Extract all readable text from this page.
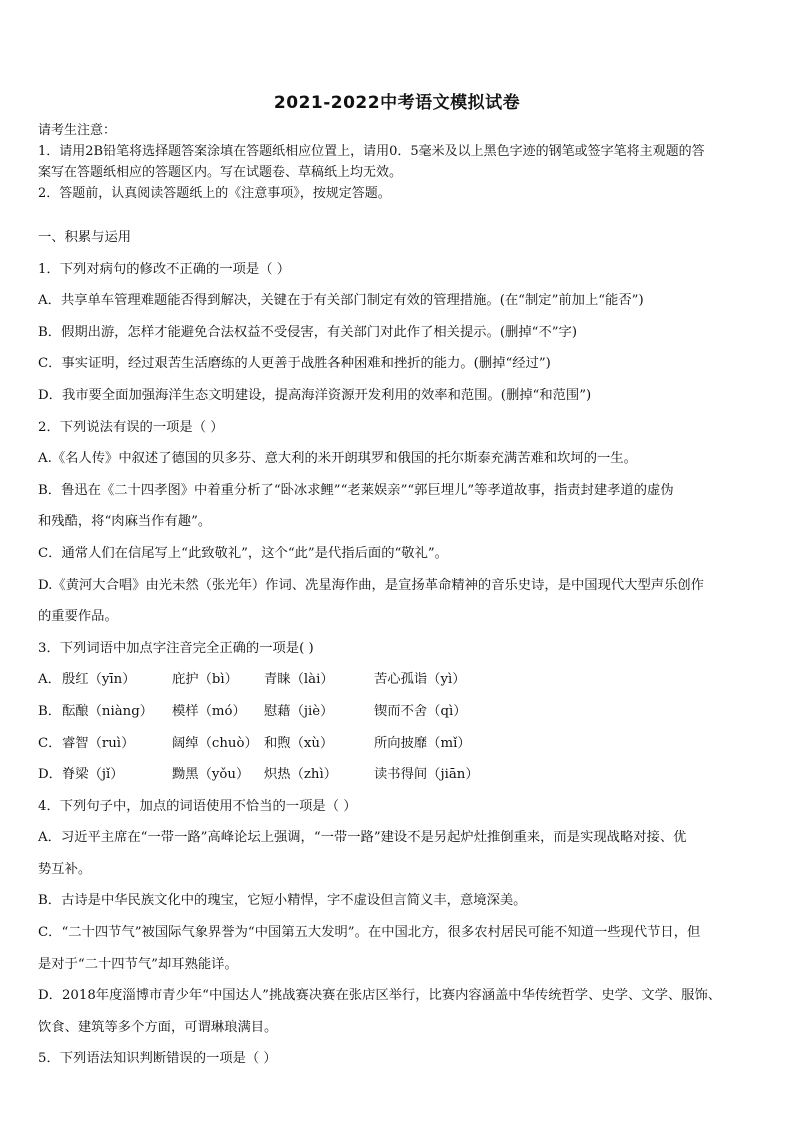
2021-2022中考语文模拟试卷
请考生注意：
1．请用2B铅笔将选择题答案涂填在答题纸相应位置上，请用0．5毫米及以上黑色字迹的钢笔或签字笔将主观题的答
案写在答题纸相应的答题区内。写在试题卷、草稿纸上均无效。
2．答题前，认真阅读答题纸上的《注意事项》，按规定答题。
一、积累与运用
1．下列对病句的修改不正确的一项是（ ）
A．共享单车管理难题能否得到解决，关键在于有关部门制定有效的管理措施。(在“制定”前加上“能否”)
B．假期出游，怎样才能避免合法权益不受侵害，有关部门对此作了相关提示。(删掉“不”字)
C．事实证明，经过艰苦生活磨练的人更善于战胜各种困难和挫折的能力。(删掉“经过”)
D．我市要全面加强海洋生态文明建设，提高海洋资源开发利用的效率和范围。(删掉“和范围”)
2．下列说法有误的一项是（ ）
A.《名人传》中叙述了德国的贝多芬、意大利的米开朗琪罗和俄国的托尔斯泰充满苦难和坎坷的一生。
B．鲁迅在《二十四孝图》中着重分析了“卧冰求鲤”“老莱娱亲”“郭巨埋儿”等孝道故事，指责封建孝道的虚伪
和残酷，将“肉麻当作有趣”。
C．通常人们在信尾写上“此致敬礼”，这个“此”是代指后面的“敬礼”。
D.《黄河大合唱》由光未然（张光年）作词、冼星海作曲，是宣扬革命精神的音乐史诗，是中国现代大型声乐创作
的重要作品。
3．下列词语中加点字注音完全正确的一项是( )
A． 殷红（yīn）	庇护（bì）	青睐（lài）	苦心孤诣（yì）
B． 酝酿（niàng）	模样（mó）	慰藉（jiè）	锲而不舍（qì）
C． 睿智（ruì）	阔绰（chuò） 和煦（xù）	所向披靡（mǐ）
D． 脊梁（jǐ）	黝黑（yǒu）	炽热（zhì）	读书得间（jiān）
4．下列句子中，加点的词语使用不恰当的一项是（ ）
A．习近平主席在“一带一路”高峰论坛上强调，“一带一路”建设不是另起炉灶推倒重来，而是实现战略对接、优
势互补。
B．古诗是中华民族文化中的瑰宝，它短小精悍，字不虚设但言简义丰，意境深美。
C．“二十四节气”被国际气象界誉为“中国第五大发明”。在中国北方，很多农村居民可能不知道一些现代节日，但
是对于“二十四节气”却耳熟能详。
D．2018年度淄博市青少年“中国达人”挑战赛决赛在张店区举行，比赛内容涵盖中华传统哲学、史学、文学、服饰、
饮食、建筑等多个方面，可谓琳琅满目。
5．下列语法知识判断错误的一项是（ ）
